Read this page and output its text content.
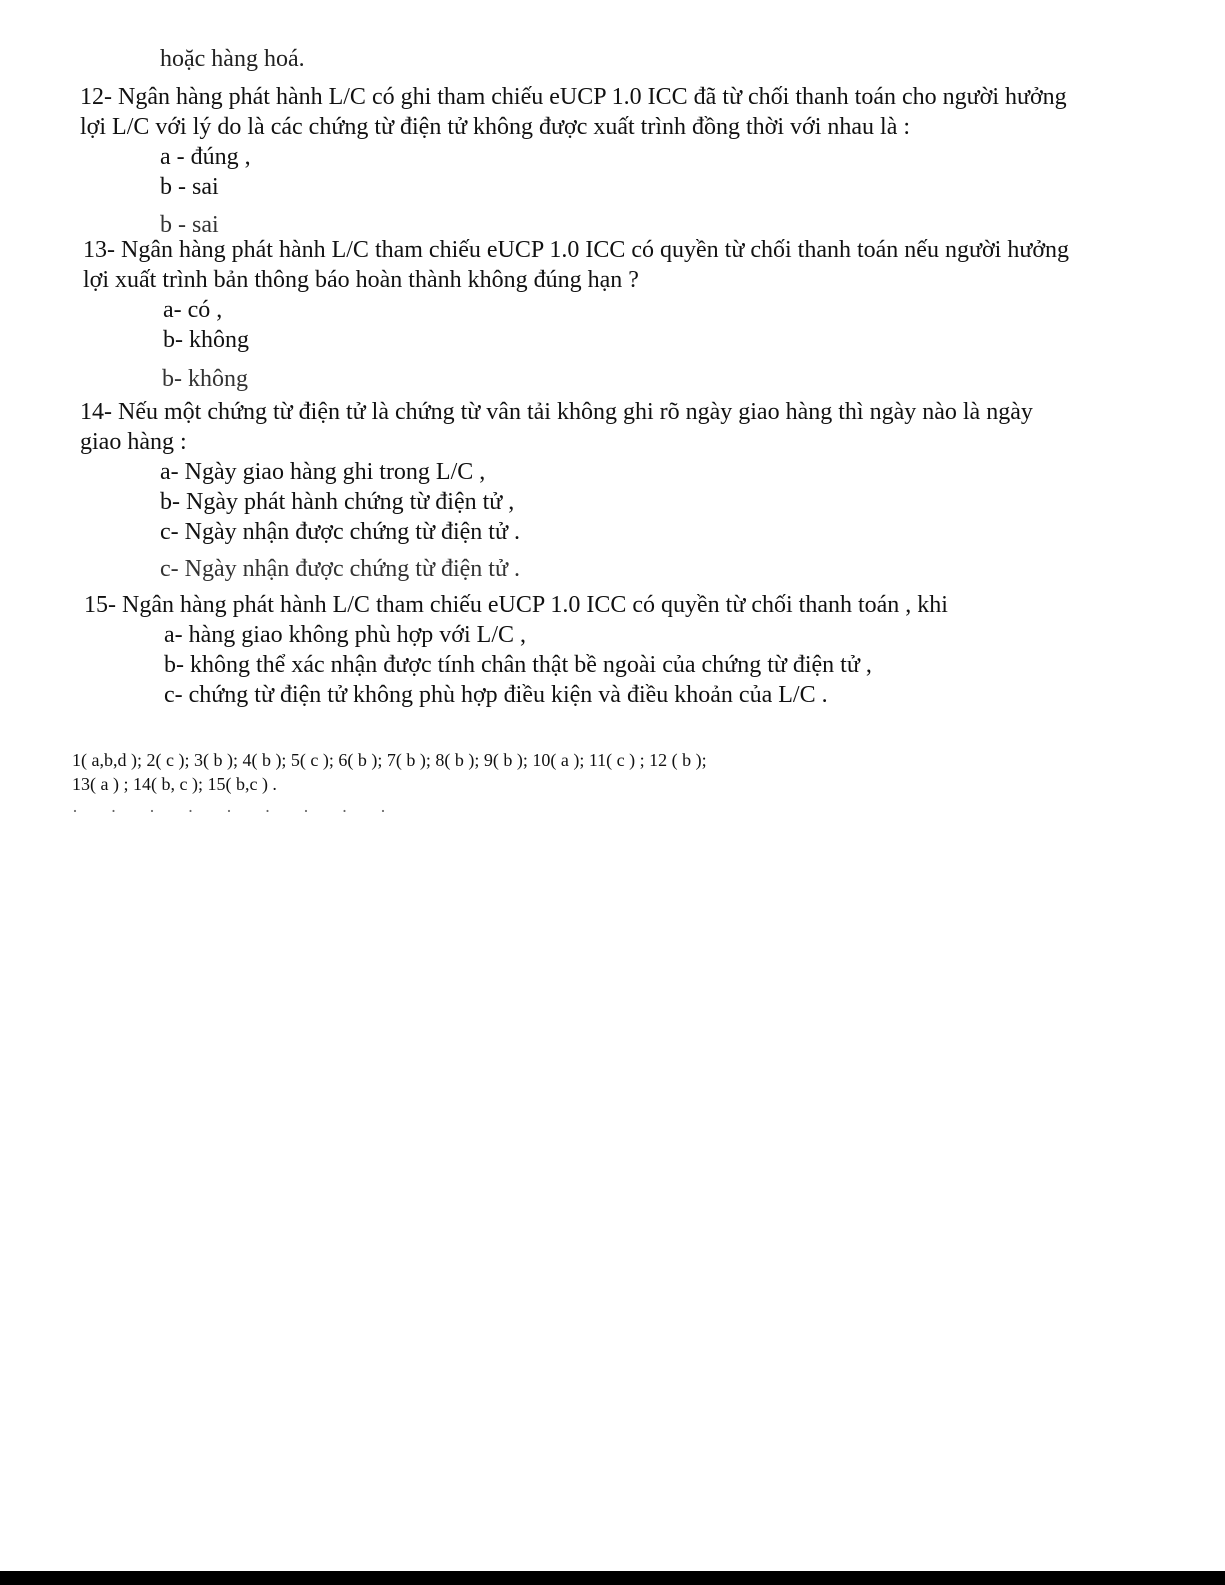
hoặc hàng hoá.

12- Ngân hàng phát hành L/C có ghi tham chiếu eUCP 1.0 ICC đã từ chối thanh toán cho người hưởng lợi L/C với lý do là các chứng từ điện tử không được xuất trình đồng thời với nhau là :

a - đúng ,
b - sai
b - sai

13- Ngân hàng phát hành L/C tham chiếu eUCP 1.0 ICC có quyền từ chối thanh toán nếu người hưởng lợi xuất trình bản thông báo hoàn thành không đúng hạn ?

a- có ,
b- không
b- không

14- Nếu một chứng từ điện tử là chứng từ vân tải không ghi rõ ngày giao hàng thì ngày nào là ngày giao hàng :

a- Ngày giao hàng ghi trong L/C ,
b- Ngày phát hành chứng từ điện tử ,
c- Ngày nhận được chứng từ điện tử .
c- Ngày nhận được chứng từ điện tử .

15- Ngân hàng phát hành L/C tham chiếu eUCP 1.0 ICC có quyền từ chối thanh toán , khi

a- hàng giao không phù hợp với L/C ,
b- không thể xác nhận được tính chân thật bề ngoài của chứng từ điện tử ,
c- chứng từ điện tử không phù hợp điều kiện và điều khoản của L/C .

1( a,b,d ); 2( c ); 3( b ); 4( b ); 5( c ); 6( b ); 7( b ); 8( b ); 9( b ); 10( a ); 11( c ) ; 12 ( b );

13( a ) ; 14( b, c ); 15( b,c ) .

· · · · · · · · ·
